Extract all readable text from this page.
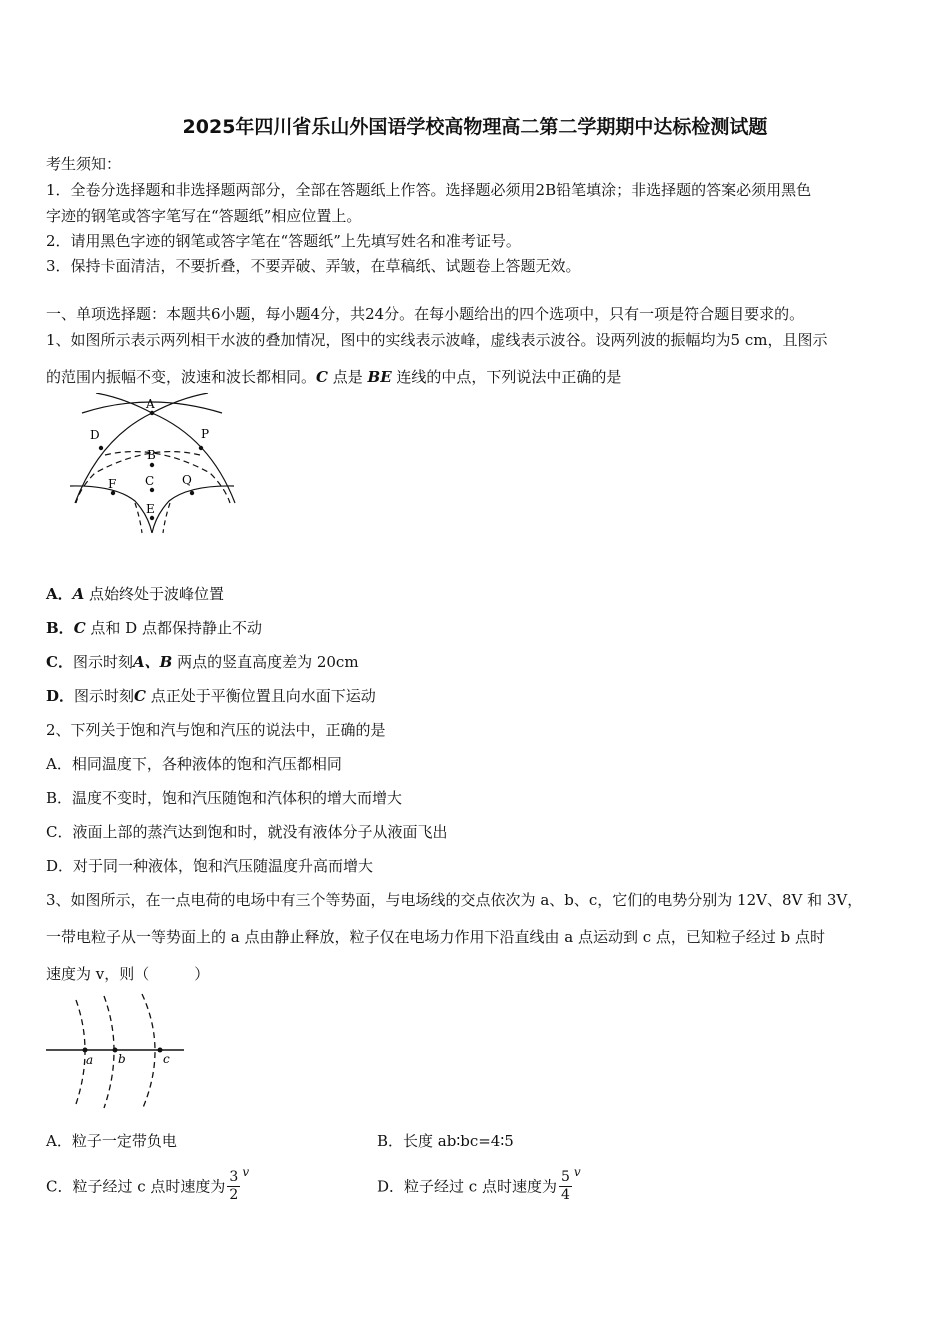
2025年四川省乐山外国语学校高物理高二第二学期期中达标检测试题
考生须知：
1．全卷分选择题和非选择题两部分，全部在答题纸上作答。选择题必须用2B铅笔填涂；非选择题的答案必须用黑色
字迹的钢笔或答字笔写在“答题纸”相应位置上。
2．请用黑色字迹的钢笔或答字笔在“答题纸”上先填写姓名和准考证号。
3．保持卡面清洁，不要折叠，不要弄破、弄皱，在草稿纸、试题卷上答题无效。
一、单项选择题：本题共6小题，每小题4分，共24分。在每小题给出的四个选项中，只有一项是符合题目要求的。
1、如图所示表示两列相干水波的叠加情况，图中的实线表示波峰，虚线表示波谷。设两列波的振幅均为5 cm，且图示
的范围内振幅不变，波速和波长都相同。C 点是 BE 连线的中点，下列说法中正确的是
A
D	P
B
C
F	Q
E
A．A 点始终处于波峰位置
B．C 点和 D 点都保持静止不动
C．图示时刻A、B 两点的竖直高度差为 20cm
D．图示时刻C 点正处于平衡位置且向水面下运动
2、下列关于饱和汽与饱和汽压的说法中，正确的是
A．相同温度下，各种液体的饱和汽压都相同
B．温度不变时，饱和汽压随饱和汽体积的增大而增大
C．液面上部的蒸汽达到饱和时，就没有液体分子从液面飞出
D．对于同一种液体，饱和汽压随温度升高而增大
3、如图所示，在一点电荷的电场中有三个等势面，与电场线的交点依次为 a、b、c，它们的电势分别为 12V、8V 和 3V，
一带电粒子从一等势面上的 a 点由静止释放，粒子仅在电场力作用下沿直线由 a 点运动到 c 点，已知粒子经过 b 点时
速度为 v，则（　　　）
a b	c
A．粒子一定带负电	B．长度 ab∶bc=4∶5
C．粒子经过 c 点时速度为 $\frac{3}{2} ^v$
D．粒子经过 c 点时速度为 $\frac{5}{4} ^v$
